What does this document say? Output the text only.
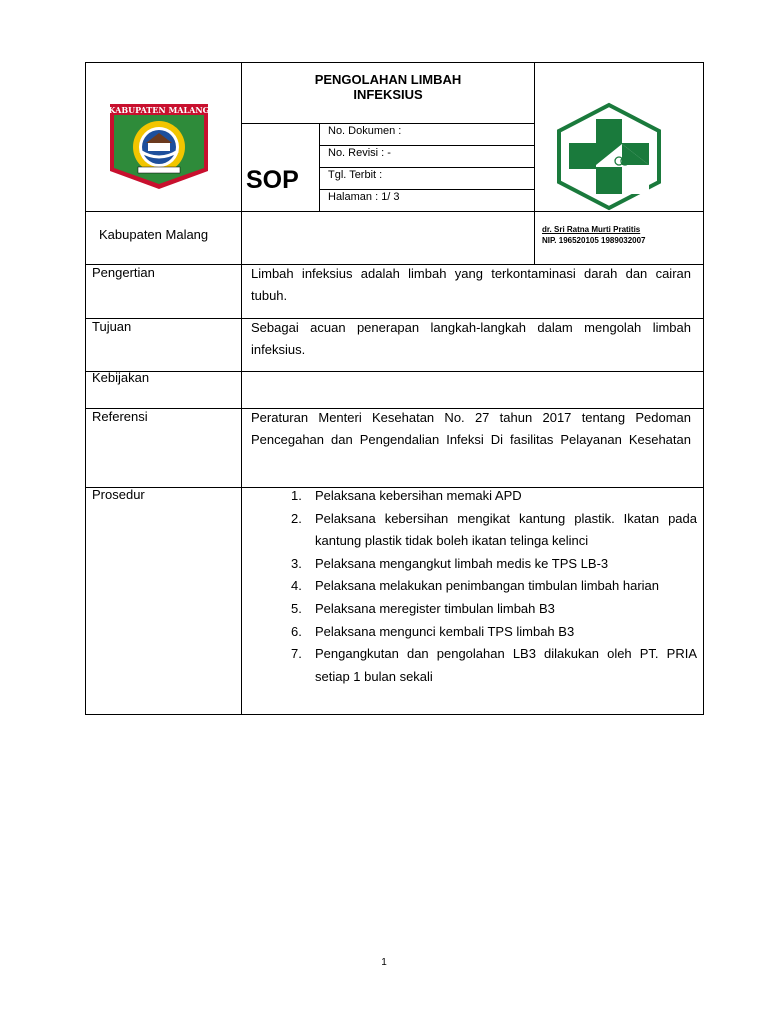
KABUPATEN MALANG
PENGOLAHAN LIMBAH
INFEKSIUS
SOP
No. Dokumen :
No. Revisi : -
Tgl. Terbit :
Halaman : 1/ 3
Kabupaten Malang	dr. Sri Ratna Murti Pratitis
NIP. 196520105 1989032007
Pengertian	Limbah infeksius adalah limbah yang terkontaminasi darah dan cairan tubuh.
Tujuan	Sebagai acuan penerapan langkah-langkah dalam mengolah limbah infeksius.
Kebijakan
Referensi	Peraturan Menteri Kesehatan No. 27 tahun 2017 tentang Pedoman Pencegahan dan Pengendalian Infeksi Di fasilitas Pelayanan Kesehatan
Prosedur	Pelaksana kebersihan memaki APD
Pelaksana kebersihan mengikat kantung plastik. Ikatan pada kantung plastik tidak boleh ikatan telinga kelinci
Pelaksana mengangkut limbah medis ke TPS LB-3
Pelaksana melakukan penimbangan timbulan limbah harian
Pelaksana meregister timbulan limbah B3
Pelaksana mengunci kembali TPS limbah B3
Pengangkutan dan pengolahan LB3 dilakukan oleh PT. PRIA setiap 1 bulan sekali
1
